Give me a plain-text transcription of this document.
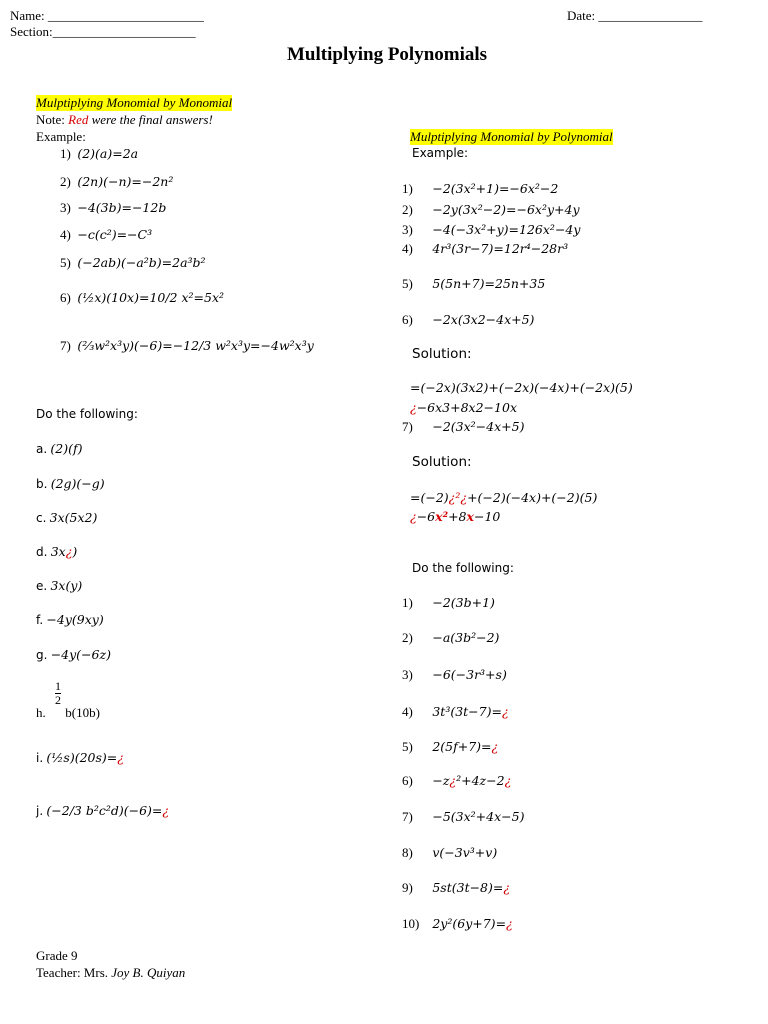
Name: ________________________
Section:______________________
Date: ________________
Multiplying Polynomials
Mulptiplying Monomial by Monomial
Note: Red were the final answers!
Example:
1) (2)(a)=2a
2) (2n)(−n)=−2n²
3) −4(3b)=−12b
4) −c(c²)=−C³
5) (−2ab)(−a²b)=2a³b²
6) (½x)(10x)=10/2 x²=5x²
7) (⅔w²x³y)(−6)=−12/3 w²x³y=−4w²x³y
Do the following:
a. (2)(f)
b. (2g)(−g)
c. 3x(5x2)
d. 3x¿)
e. 3x(y)
f. −4y(9xy)
g. −4y(−6z)
1
2
h. b(10b)
i. (½s)(20s)=¿
j. (−2/3 b²c²d)(−6)=¿
Mulptiplying Monomial by Polynomial
Example:
1) −2(3x²+1)=−6x²−2
2) −2y(3x²−2)=−6x²y+4y
3) −4(−3x²+y)=126x²−4y
4) 4r³(3r−7)=12r⁴−28r³
5) 5(5n+7)=25n+35
6) −2x(3x2−4x+5)
Solution:
=(−2x)(3x2)+(−2x)(−4x)+(−2x)(5)
¿−6x3+8x2−10x
7) −2(3x²−4x+5)
Solution:
=(−2)¿²¿+(−2)(−4x)+(−2)(5)
¿−6x²+8x−10
Do the following:
1) −2(3b+1)
2) −a(3b²−2)
3) −6(−3r³+s)
4) 3t³(3t−7)=¿
5) 2(5f+7)=¿
6) −z¿²+4z−2¿
7) −5(3x²+4x−5)
8) v(−3v³+v)
9) 5st(3t−8)=¿
10) 2y²(6y+7)=¿
Grade 9
Teacher: Mrs. Joy B. Quiyan
